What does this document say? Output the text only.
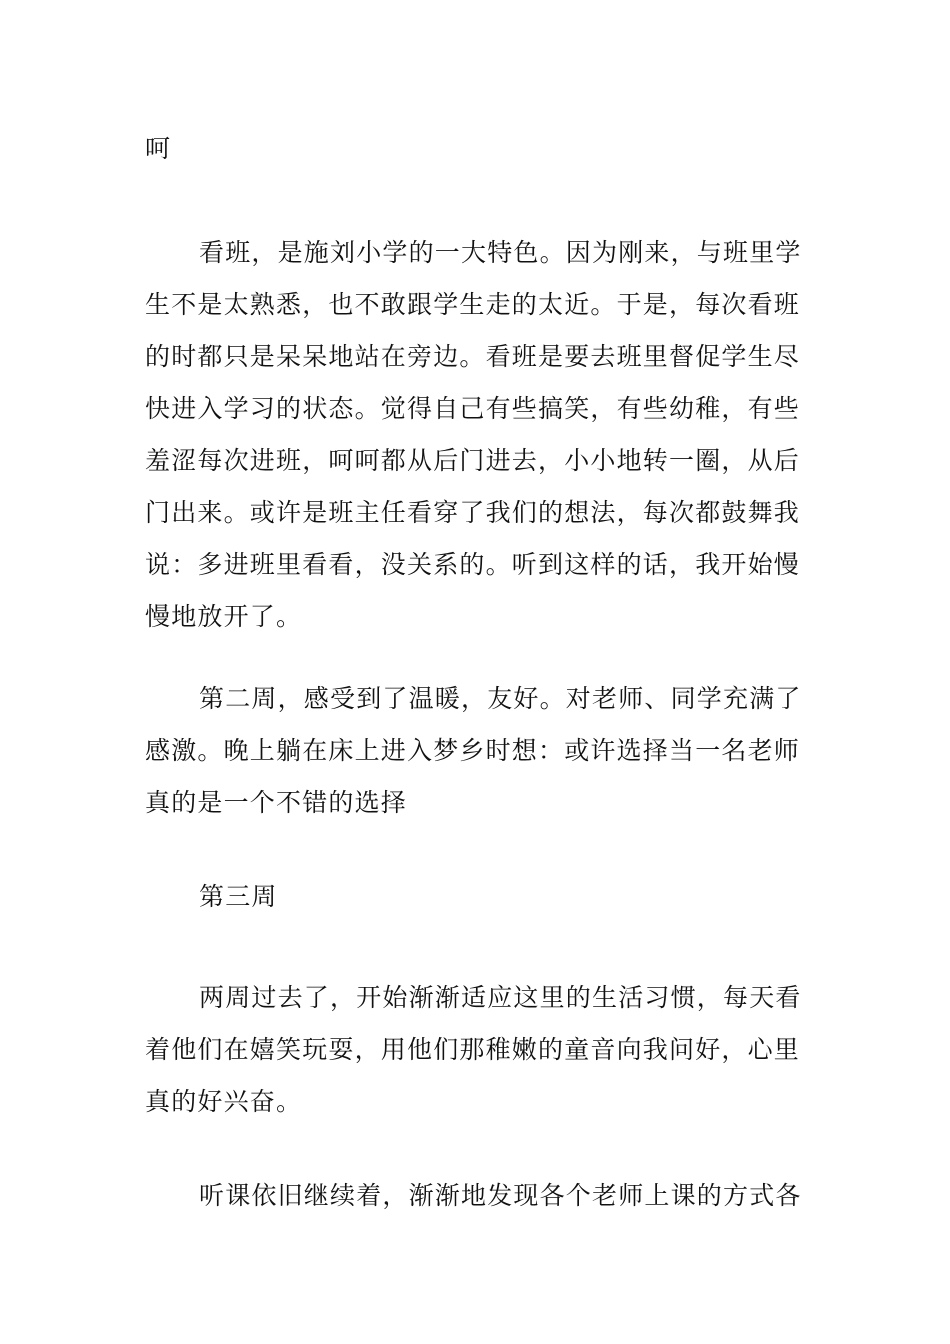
呵

看班，是施刘小学的一大特色。因为刚来，与班里学生不是太熟悉，也不敢跟学生走的太近。于是，每次看班的时都只是呆呆地站在旁边。看班是要去班里督促学生尽快进入学习的状态。觉得自己有些搞笑，有些幼稚，有些羞涩每次进班，呵呵都从后门进去，小小地转一圈，从后门出来。或许是班主任看穿了我们的想法，每次都鼓舞我说：多进班里看看，没关系的。听到这样的话，我开始慢慢地放开了。

第二周，感受到了温暖，友好。对老师、同学充满了感激。晚上躺在床上进入梦乡时想：或许选择当一名老师真的是一个不错的选择

第三周

两周过去了，开始渐渐适应这里的生活习惯，每天看着他们在嬉笑玩耍，用他们那稚嫩的童音向我问好，心里真的好兴奋。

听课依旧继续着，渐渐地发现各个老师上课的方式各
